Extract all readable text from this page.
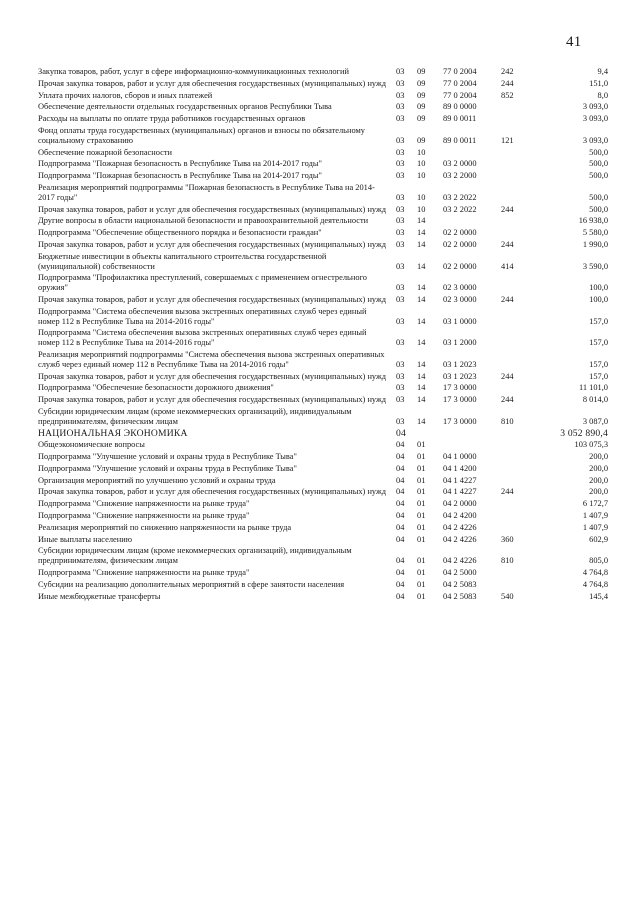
41
Закупка товаров, работ, услуг в сфере информационно-коммуникационных технологий	03	09	77 0 2004	242	9,4
Прочая закупка товаров, работ и услуг для обеспечения государственных (муниципальных) нужд	03	09	77 0 2004	244	151,0
Уплата прочих налогов, сборов и иных платежей	03	09	77 0 2004	852	8,0
Обеспечение деятельности отдельных государственных органов Республики Тыва	03	09	89 0 0000		3 093,0
Расходы на выплаты по оплате труда работников государственных органов	03	09	89 0 0011		3 093,0
Фонд оплаты труда государственных (муниципальных) органов и взносы по обязательному социальному страхованию	03	09	89 0 0011	121	3 093,0
Обеспечение пожарной безопасности	03	10			500,0
Подпрограмма "Пожарная безопасность в Республике Тыва на 2014-2017 годы"	03	10	03 2 0000		500,0
Подпрограмма "Пожарная безопасность в Республике Тыва на 2014-2017 годы"	03	10	03 2 2000		500,0
Реализация мероприятий подпрограммы "Пожарная безопасность в Республике Тыва на 2014-2017 годы"	03	10	03 2 2022		500,0
Прочая закупка товаров, работ и услуг для обеспечения государственных (муниципальных) нужд	03	10	03 2 2022	244	500,0
Другие вопросы в области национальной безопасности и правоохранительной деятельности	03	14			16 938,0
Подпрограмма "Обеспечение общественного порядка и безопасности граждан"	03	14	02 2 0000		5 580,0
Прочая закупка товаров, работ и услуг для обеспечения государственных (муниципальных) нужд	03	14	02 2 0000	244	1 990,0
Бюджетные инвестиции в объекты капитального строительства государственной (муниципальной) собственности	03	14	02 2 0000	414	3 590,0
Подпрограмма "Профилактика преступлений, совершаемых с применением огнестрельного оружия"	03	14	02 3 0000		100,0
Прочая закупка товаров, работ и услуг для обеспечения государственных (муниципальных) нужд	03	14	02 3 0000	244	100,0
Подпрограмма "Система обеспечения вызова экстренных оперативных служб через единый номер 112 в Республике Тыва на 2014-2016 годы"	03	14	03 1 0000		157,0
Подпрограмма "Система обеспечения вызова экстренных оперативных служб через единый номер 112 в Республике Тыва на 2014-2016 годы"	03	14	03 1 2000		157,0
Реализация мероприятий подпрограммы "Система обеспечения вызова экстренных оперативных служб через единый номер 112 в Республике Тыва на 2014-2016 годы"	03	14	03 1 2023		157,0
Прочая закупка товаров, работ и услуг для обеспечения государственных (муниципальных) нужд	03	14	03 1 2023	244	157,0
Подпрограмма "Обеспечение безопасности дорожного движения"	03	14	17 3 0000		11 101,0
Прочая закупка товаров, работ и услуг для обеспечения государственных (муниципальных) нужд	03	14	17 3 0000	244	8 014,0
Субсидии юридическим лицам (кроме некоммерческих организаций), индивидуальным предпринимателям, физическим лицам	03	14	17 3 0000	810	3 087,0
НАЦИОНАЛЬНАЯ ЭКОНОМИКА	04				3 052 890,4
Общеэкономические вопросы	04	01			103 075,3
Подпрограмма "Улучшение условий и охраны труда в Республике Тыва"	04	01	04 1 0000		200,0
Подпрограмма "Улучшение условий и охраны труда в Республике Тыва"	04	01	04 1 4200		200,0
Организация мероприятий по улучшению условий и охраны труда	04	01	04 1 4227		200,0
Прочая закупка товаров, работ и услуг для обеспечения государственных (муниципальных) нужд	04	01	04 1 4227	244	200,0
Подпрограмма "Снижение напряженности на рынке труда"	04	01	04 2 0000		6 172,7
Подпрограмма "Снижение напряженности на рынке труда"	04	01	04 2 4200		1 407,9
Реализация мероприятий по снижению напряженности на рынке труда	04	01	04 2 4226		1 407,9
Иные выплаты населению	04	01	04 2 4226	360	602,9
Субсидии юридическим лицам (кроме некоммерческих организаций), индивидуальным предпринимателям, физическим лицам	04	01	04 2 4226	810	805,0
Подпрограмма "Снижение напряженности на рынке труда"	04	01	04 2 5000		4 764,8
Субсидии на реализацию дополнительных мероприятий в сфере занятости населения	04	01	04 2 5083		4 764,8
Иные межбюджетные трансферты	04	01	04 2 5083	540	145,4
